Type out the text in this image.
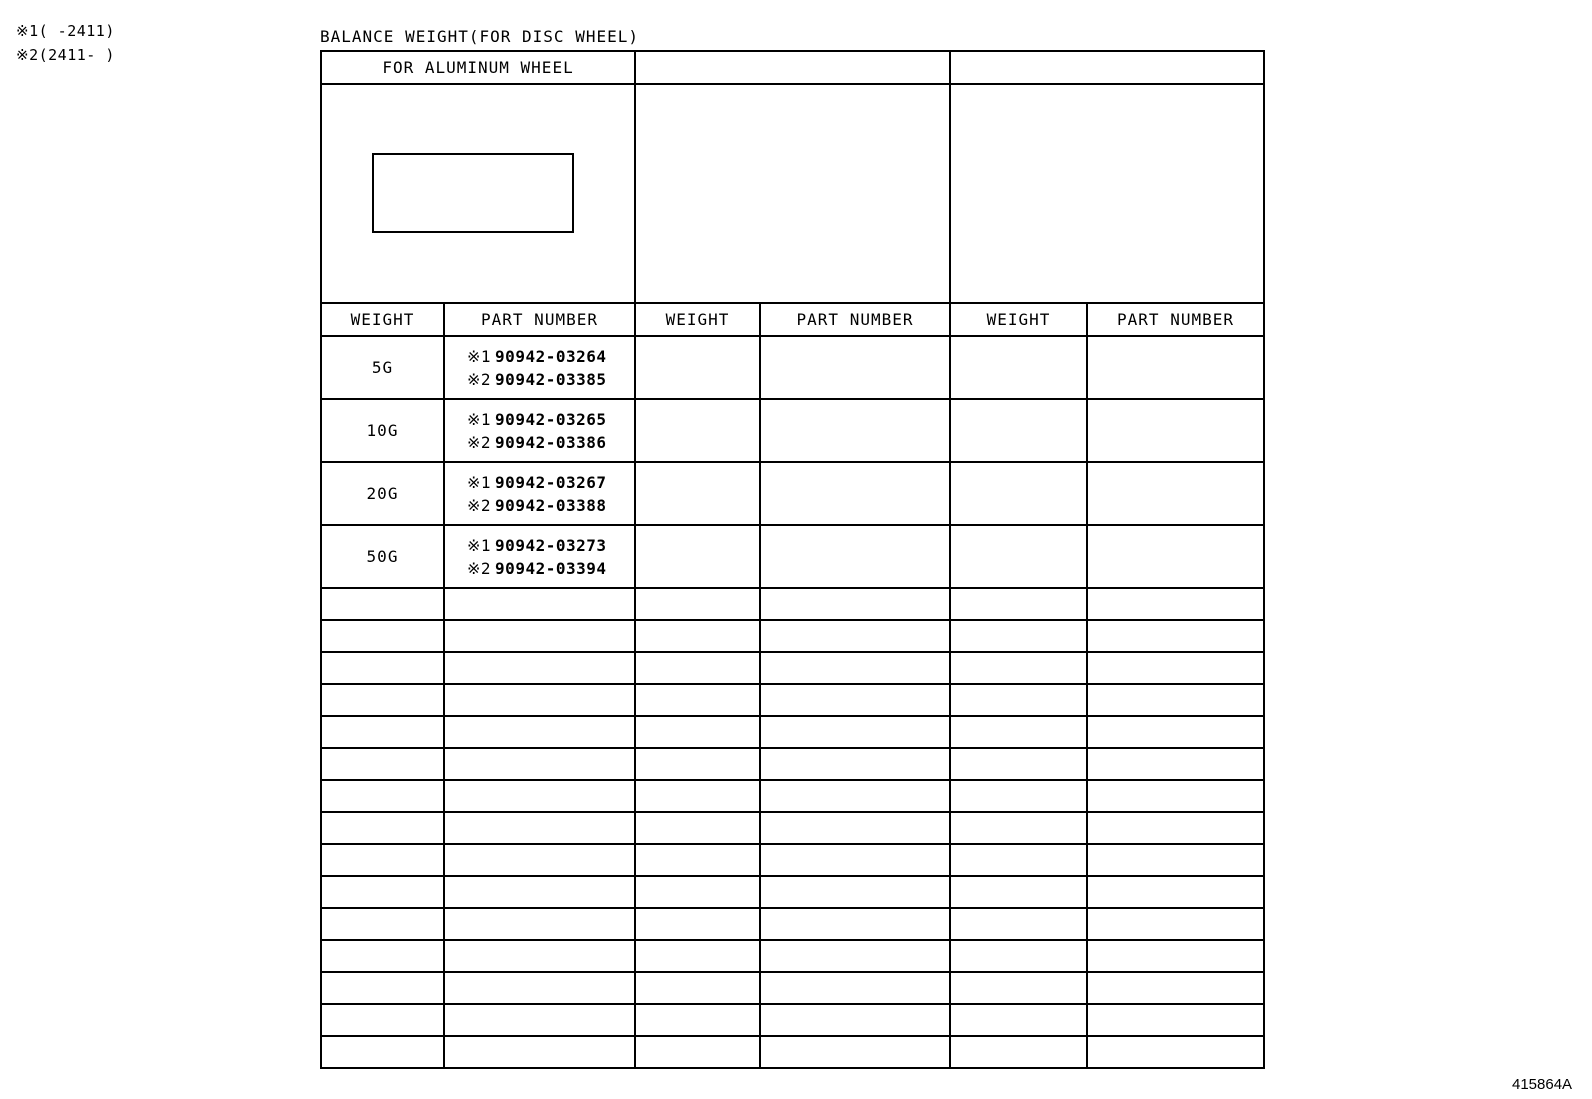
※1( -2411)
※2(2411- )
BALANCE WEIGHT(FOR DISC WHEEL)
FOR ALUMINUM WHEEL					

WEIGHT	PART NUMBER	WEIGHT	PART NUMBER	WEIGHT	PART NUMBER
5G	※1 90942-03264
※2 90942-03385				

10G	※1 90942-03265
※2 90942-03386				

20G	※1 90942-03267
※2 90942-03388				

50G	※1 90942-03273
※2 90942-03394				

415864A
